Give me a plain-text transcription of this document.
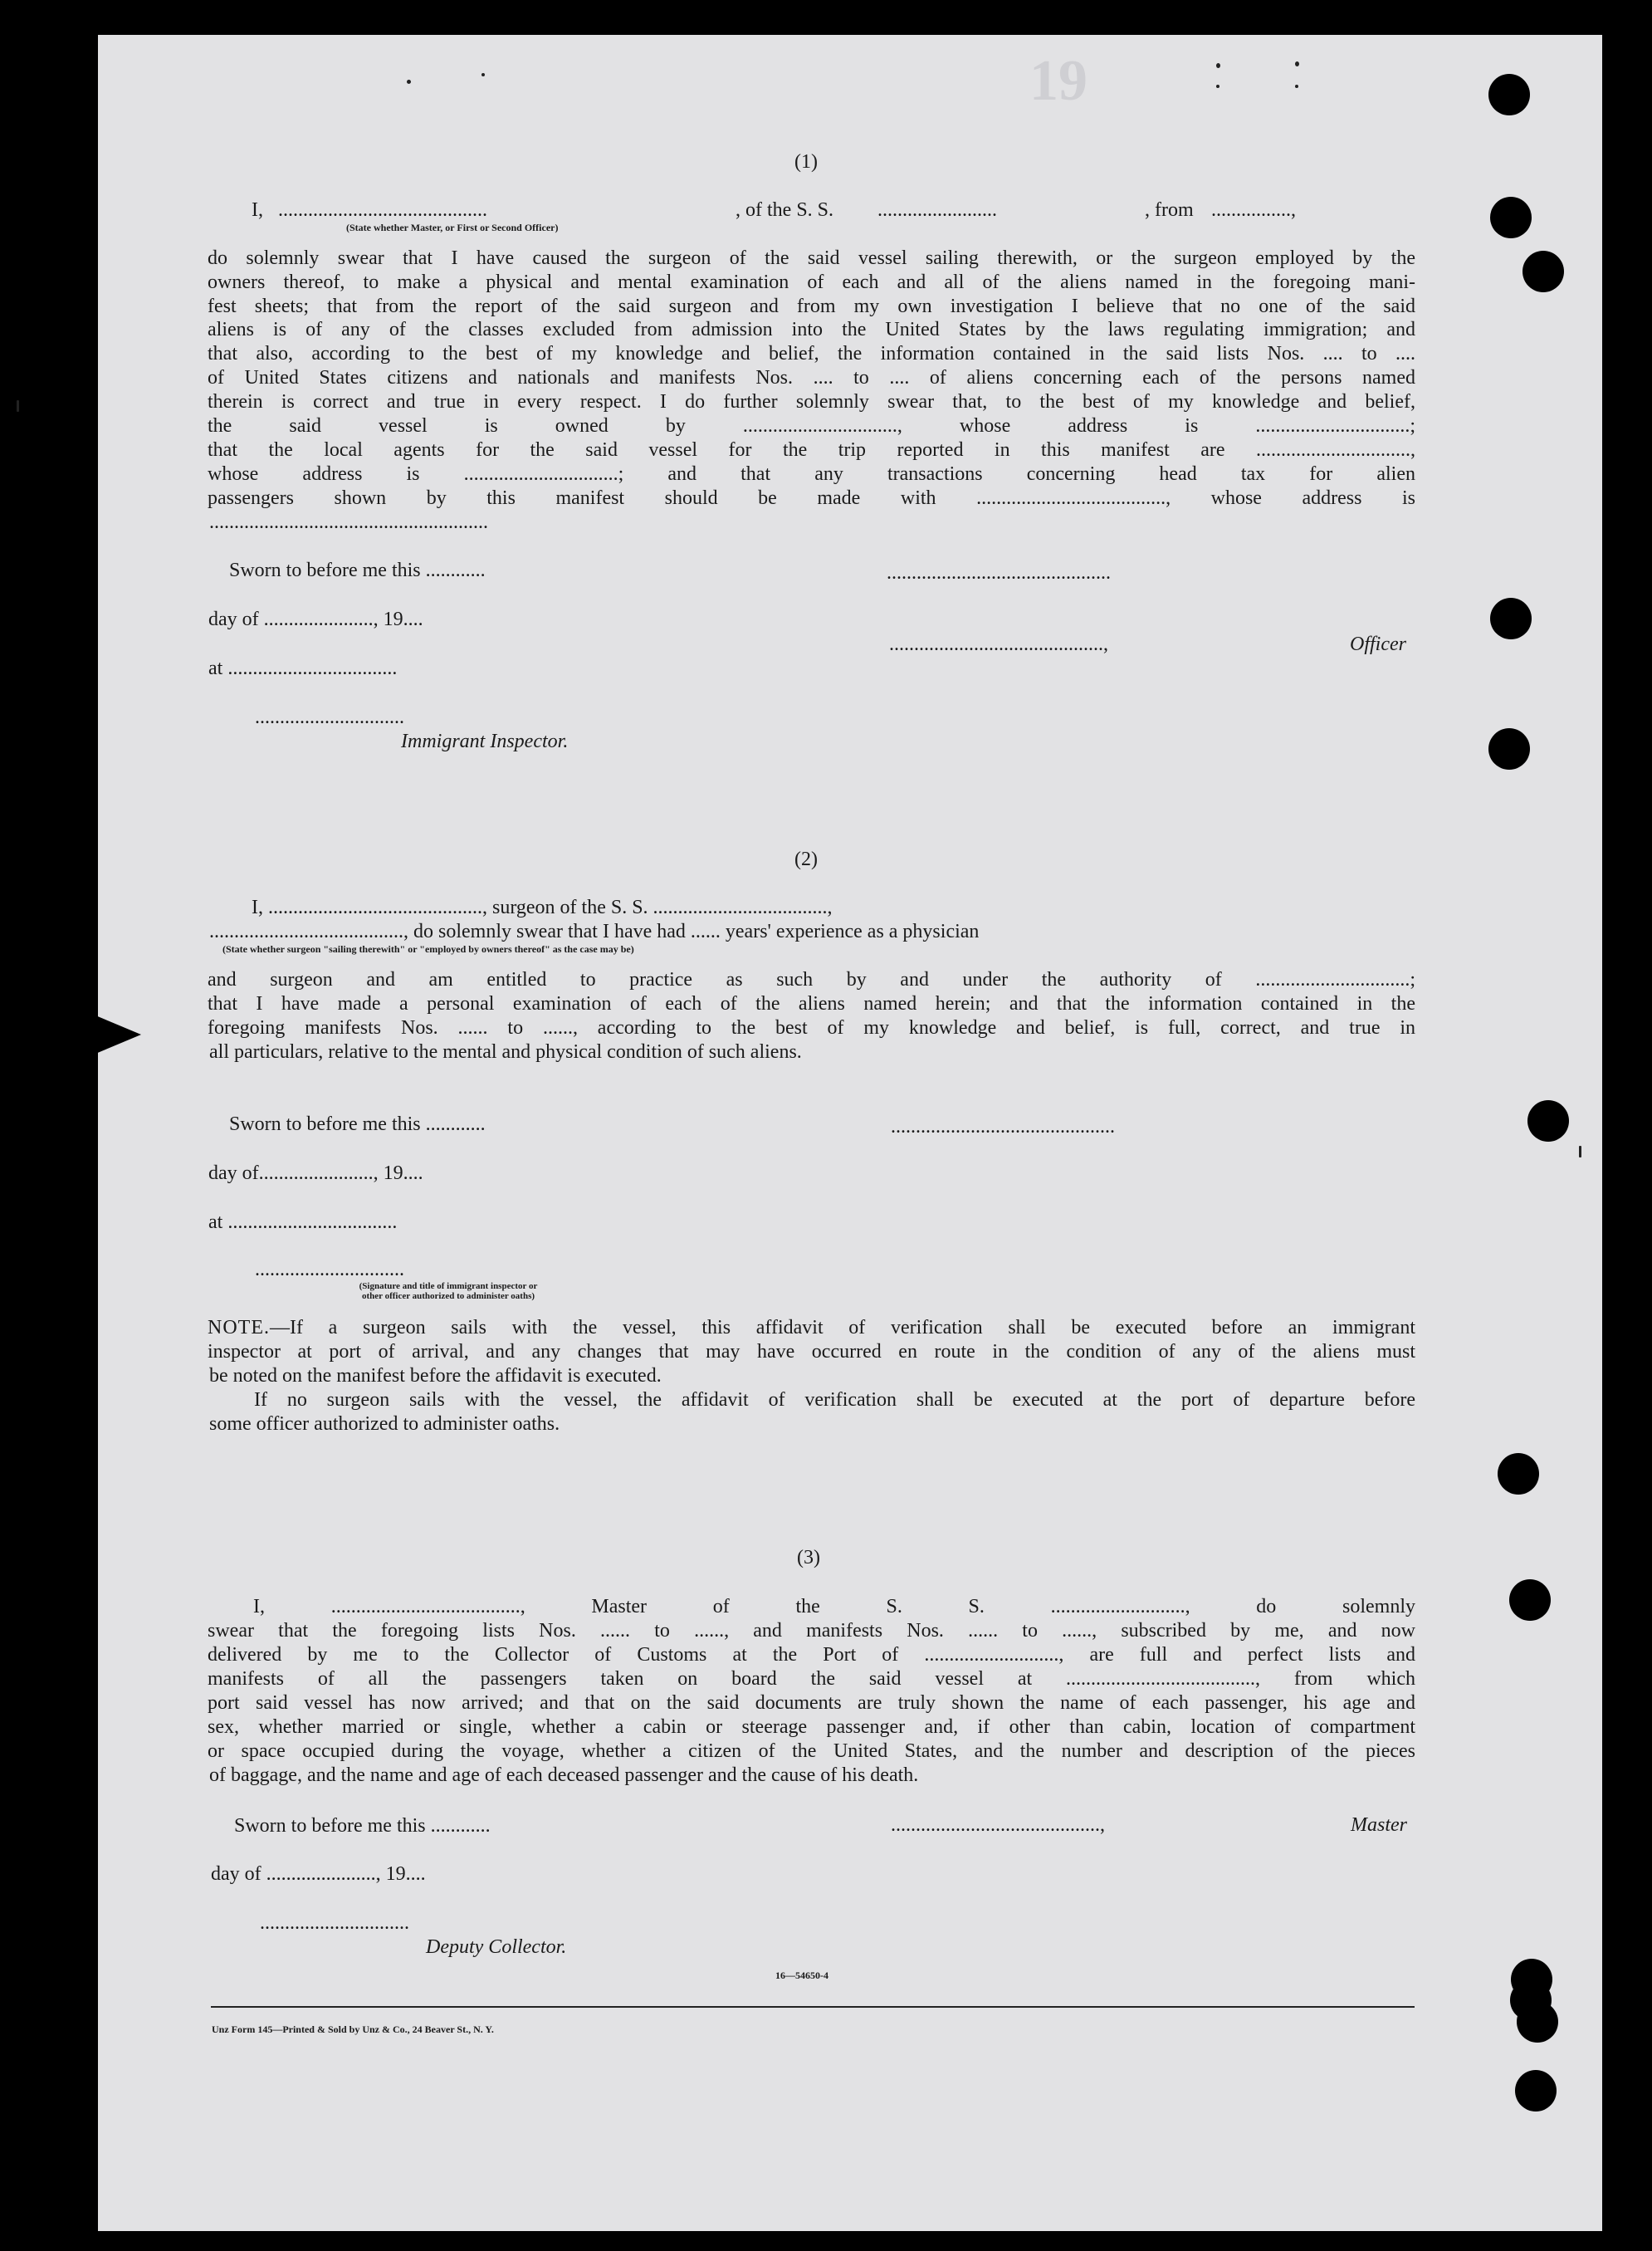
19
(1)
I, ..........................................	, of the S. S. ........................	, from ................,
(State whether Master, or First or Second Officer)
do solemnly swear that I have caused the surgeon of the said vessel sailing therewith, or the surgeon employed by the
owners thereof, to make a physical and mental examination of each and all of the aliens named in the foregoing mani-
fest sheets; that from the report of the said surgeon and from my own investigation I believe that no one of the said
aliens is of any of the classes excluded from admission into the United States by the laws regulating immigration; and
that also, according to the best of my knowledge and belief, the information contained in the said lists Nos. .... to ....
of United States citizens and nationals and manifests Nos. .... to .... of aliens concerning each of the persons named
therein is correct and true in every respect. I do further solemnly swear that, to the best of my knowledge and belief,
the said vessel is owned by ..............................., whose address is ...............................;
that the local agents for the said vessel for the trip reported in this manifest are ...............................,
whose address is ...............................; and that any transactions concerning head tax for alien
passengers shown by this manifest should be made with ......................................, whose address is
........................................................
Sworn to before me this ............
day of ......................, 19....
at ..................................
..............................
Immigrant Inspector.
.............................................
...........................................,	Officer
(2)
I, ..........................................., surgeon of the S. S. ...................................,
......................................., do solemnly swear that I have had ...... years' experience as a physician
(State whether surgeon "sailing therewith" or "employed by owners thereof" as the case may be)
and surgeon and am entitled to practice as such by and under the authority of ...............................;
that I have made a personal examination of each of the aliens named herein; and that the information contained in the
foregoing manifests Nos. ...... to ......, according to the best of my knowledge and belief, is full, correct, and true in
all particulars, relative to the mental and physical condition of such aliens.
Sworn to before me this ............
day of......................., 19....
at ..................................
.............................................
..............................
(Signature and title of immigrant inspector or
other officer authorized to administer oaths)
NOTE.—If a surgeon sails with the vessel, this affidavit of verification shall be executed before an immigrant
inspector at port of arrival, and any changes that may have occurred en route in the condition of any of the aliens must
be noted on the manifest before the affidavit is executed.
If no surgeon sails with the vessel, the affidavit of verification shall be executed at the port of departure before
some officer authorized to administer oaths.
(3)
I, ......................................, Master of the S. S. ..........................., do solemnly
swear that the foregoing lists Nos. ...... to ......, and manifests Nos. ...... to ......, subscribed by me, and now
delivered by me to the Collector of Customs at the Port of ..........................., are full and perfect lists and
manifests of all the passengers taken on board the said vessel at ......................................, from which
port said vessel has now arrived; and that on the said documents are truly shown the name of each passenger, his age and
sex, whether married or single, whether a cabin or steerage passenger and, if other than cabin, location of compartment
or space occupied during the voyage, whether a citizen of the United States, and the number and description of the pieces
of baggage, and the name and age of each deceased passenger and the cause of his death.
Sworn to before me this ............
day of ......................, 19....
..............................
Deputy Collector.
..........................................,	Master
16—54650-4
Unz Form 145—Printed & Sold by Unz & Co., 24 Beaver St., N. Y.
